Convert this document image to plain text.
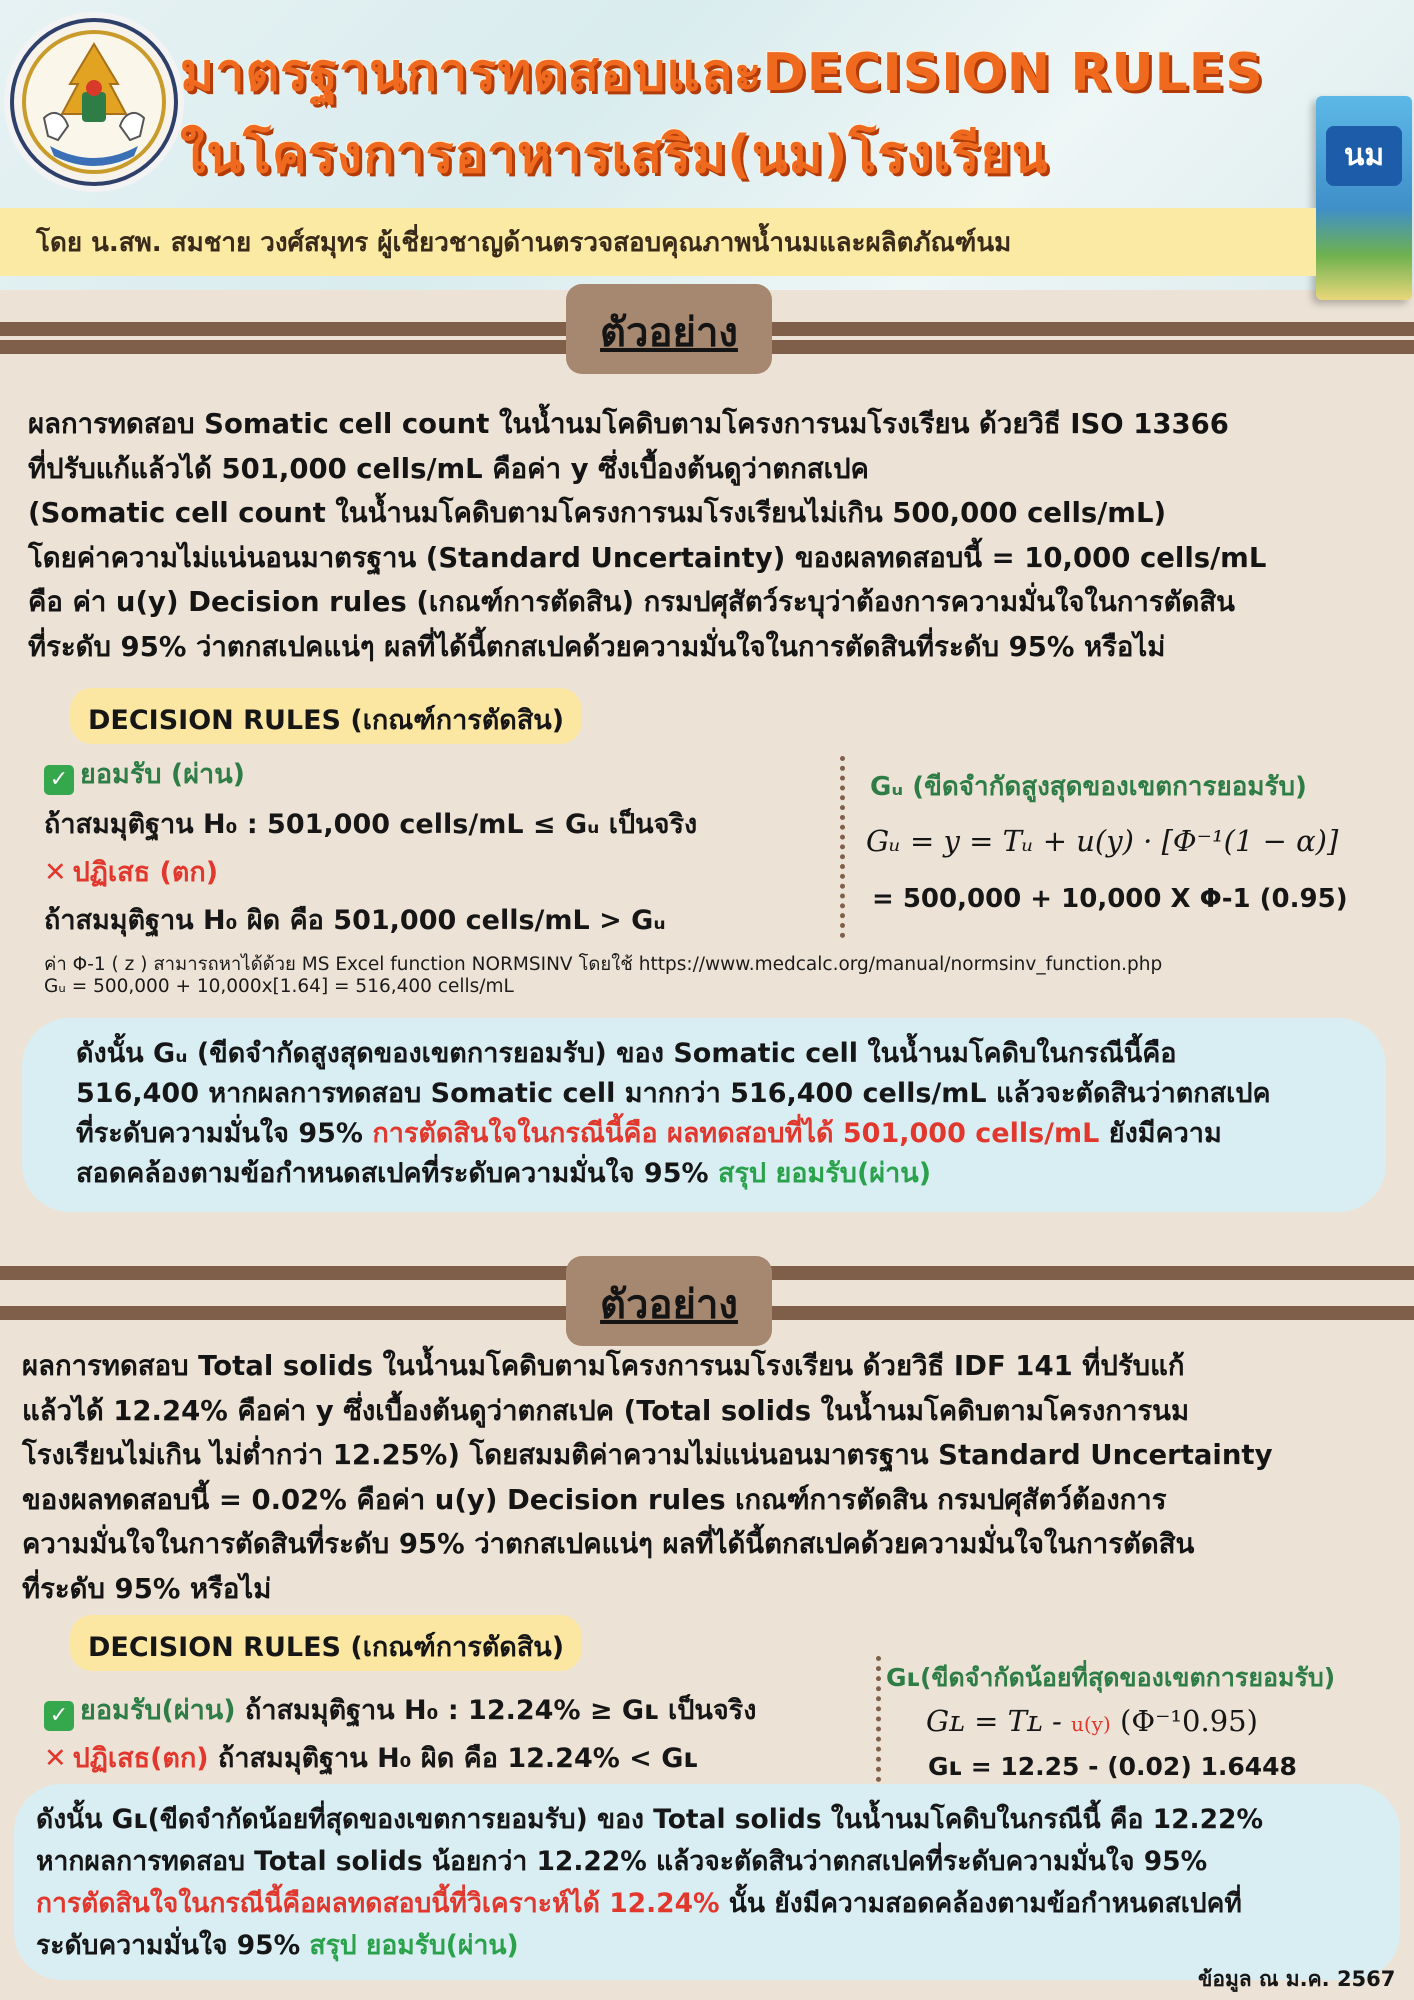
มาตรฐานการทดสอบและDECISION RULES
ในโครงการอาหารเสริม(นม)โรงเรียน	นม
โดย น.สพ. สมชาย วงศ์สมุทร ผู้เชี่ยวชาญด้านตรวจสอบคุณภาพน้ำนมและผลิตภัณฑ์นม
ตัวอย่าง
ผลการทดสอบ Somatic cell count ในน้ำนมโคดิบตามโครงการนมโรงเรียน ด้วยวิธี ISO 13366
ที่ปรับแก้แล้วได้ 501,000 cells/mL คือค่า y ซึ่งเบื้องต้นดูว่าตกสเปค
(Somatic cell count ในน้ำนมโคดิบตามโครงการนมโรงเรียนไม่เกิน 500,000 cells/mL)
โดยค่าความไม่แน่นอนมาตรฐาน (Standard Uncertainty) ของผลทดสอบนี้ = 10,000 cells/mL
คือ ค่า u(y) Decision rules (เกณฑ์การตัดสิน) กรมปศุสัตว์ระบุว่าต้องการความมั่นใจในการตัดสิน
ที่ระดับ 95% ว่าตกสเปคแน่ๆ ผลที่ได้นี้ตกสเปคด้วยความมั่นใจในการตัดสินที่ระดับ 95% หรือไม่
DECISION RULES (เกณฑ์การตัดสิน)
✓ ยอมรับ (ผ่าน)
ถ้าสมมุติฐาน H₀ : 501,000 cells/mL ≤ Gᵤ เป็นจริง
✕ ปฏิเสธ (ตก)
ถ้าสมมุติฐาน H₀ ผิด คือ 501,000 cells/mL > Gᵤ
Gᵤ (ขีดจำกัดสูงสุดของเขตการยอมรับ)
Gᵤ = y = Tᵤ + u(y) · [Φ⁻¹(1 − α)]
= 500,000 + 10,000 X Φ-1 (0.95)
ค่า Φ-1 ( z ) สามารถหาได้ด้วย MS Excel function NORMSINV โดยใช้ https://www.medcalc.org/manual/normsinv_function.php
Gᵤ = 500,000 + 10,000x[1.64] = 516,400 cells/mL
ดังนั้น Gᵤ (ขีดจำกัดสูงสุดของเขตการยอมรับ) ของ Somatic cell ในน้ำนมโคดิบในกรณีนี้คือ
516,400 หากผลการทดสอบ Somatic cell มากกว่า 516,400 cells/mL แล้วจะตัดสินว่าตกสเปค
ที่ระดับความมั่นใจ 95% การตัดสินใจในกรณีนี้คือ ผลทดสอบที่ได้ 501,000 cells/mL ยังมีความ
สอดคล้องตามข้อกำหนดสเปคที่ระดับความมั่นใจ 95% สรุป ยอมรับ(ผ่าน)
ตัวอย่าง
ผลการทดสอบ Total solids ในน้ำนมโคดิบตามโครงการนมโรงเรียน ด้วยวิธี IDF 141 ที่ปรับแก้
แล้วได้ 12.24% คือค่า y ซึ่งเบื้องต้นดูว่าตกสเปค (Total solids ในน้ำนมโคดิบตามโครงการนม
โรงเรียนไม่เกิน ไม่ต่ำกว่า 12.25%) โดยสมมติค่าความไม่แน่นอนมาตรฐาน Standard Uncertainty
ของผลทดสอบนี้ = 0.02% คือค่า u(y) Decision rules เกณฑ์การตัดสิน กรมปศุสัตว์ต้องการ
ความมั่นใจในการตัดสินที่ระดับ 95% ว่าตกสเปคแน่ๆ ผลที่ได้นี้ตกสเปคด้วยความมั่นใจในการตัดสิน
ที่ระดับ 95% หรือไม่
DECISION RULES (เกณฑ์การตัดสิน)
✓ ยอมรับ(ผ่าน) ถ้าสมมุติฐาน H₀ : 12.24% ≥ Gʟ เป็นจริง
✕ ปฏิเสธ(ตก) ถ้าสมมุติฐาน H₀ ผิด คือ 12.24% < Gʟ
Gʟ(ขีดจำกัดน้อยที่สุดของเขตการยอมรับ)
Gʟ = Tʟ - u(y) (Φ⁻¹0.95)
Gʟ = 12.25 - (0.02) 1.6448
ดังนั้น Gʟ(ขีดจำกัดน้อยที่สุดของเขตการยอมรับ) ของ Total solids ในน้ำนมโคดิบในกรณีนี้ คือ 12.22%
หากผลการทดสอบ Total solids น้อยกว่า 12.22% แล้วจะตัดสินว่าตกสเปคที่ระดับความมั่นใจ 95%
การตัดสินใจในกรณีนี้คือผลทดสอบนี้ที่วิเคราะห์ได้ 12.24% นั้น ยังมีความสอดคล้องตามข้อกำหนดสเปคที่
ระดับความมั่นใจ 95% สรุป ยอมรับ(ผ่าน)
ข้อมูล ณ ม.ค. 2567
